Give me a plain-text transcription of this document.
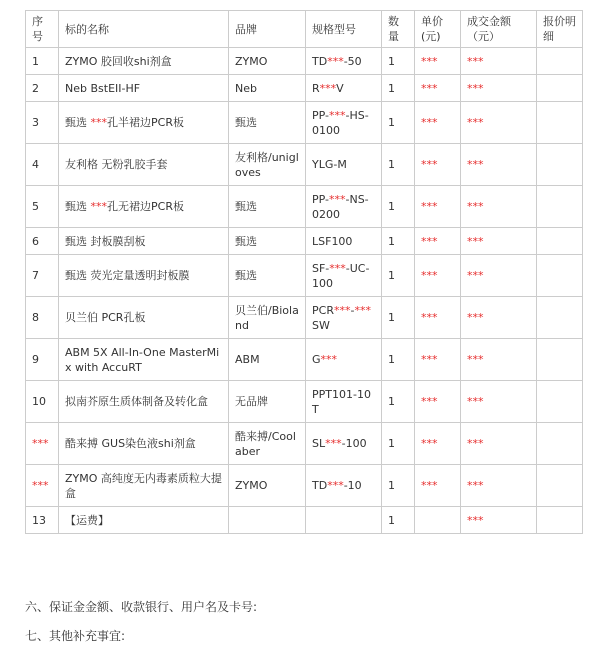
序号	标的名称	品牌	规格型号	数量	单价(元)	成交金额（元）	报价明细
1	ZYMO 胶回收shi剂盒	ZYMO	TD***-50	1	***	***	
2	Neb BstEII-HF	Neb	R***V	1	***	***	
3	甄选 ***孔半裙边PCR板	甄选	PP-***-HS-0100	1	***	***	
4	友利格 无粉乳胶手套	友利格/uniglo​ves	YLG-M	1	***	***	
5	甄选 ***孔无裙边PCR板	甄选	PP-***-NS-0200	1	***	***	
6	甄选 封板膜刮板	甄选	LSF100	1	***	***	
7	甄选 荧光定量透明封板膜	甄选	SF-***-UC-100	1	***	***	
8	贝兰伯 PCR孔板	贝兰伯/Bioland	PCR***-***SW	1	***	***	
9	ABM 5X All-In-One MasterMix with AccuRT	ABM	G***	1	***	***	
10	拟南芥原生质体制备及转化盒	无品牌	PPT101-10T	1	***	***	
***	酷来搏 GUS染色液shi剂盒	酷来搏/Coolaber	SL***-100	1	***	***	
***	ZYMO 高纯度无内毒素质粒大提盒	ZYMO	TD***-10	1	***	***	
13	【运费】			1		***	
六、保证金金额、收款银行、用户名及卡号:
七、其他补充事宜:
